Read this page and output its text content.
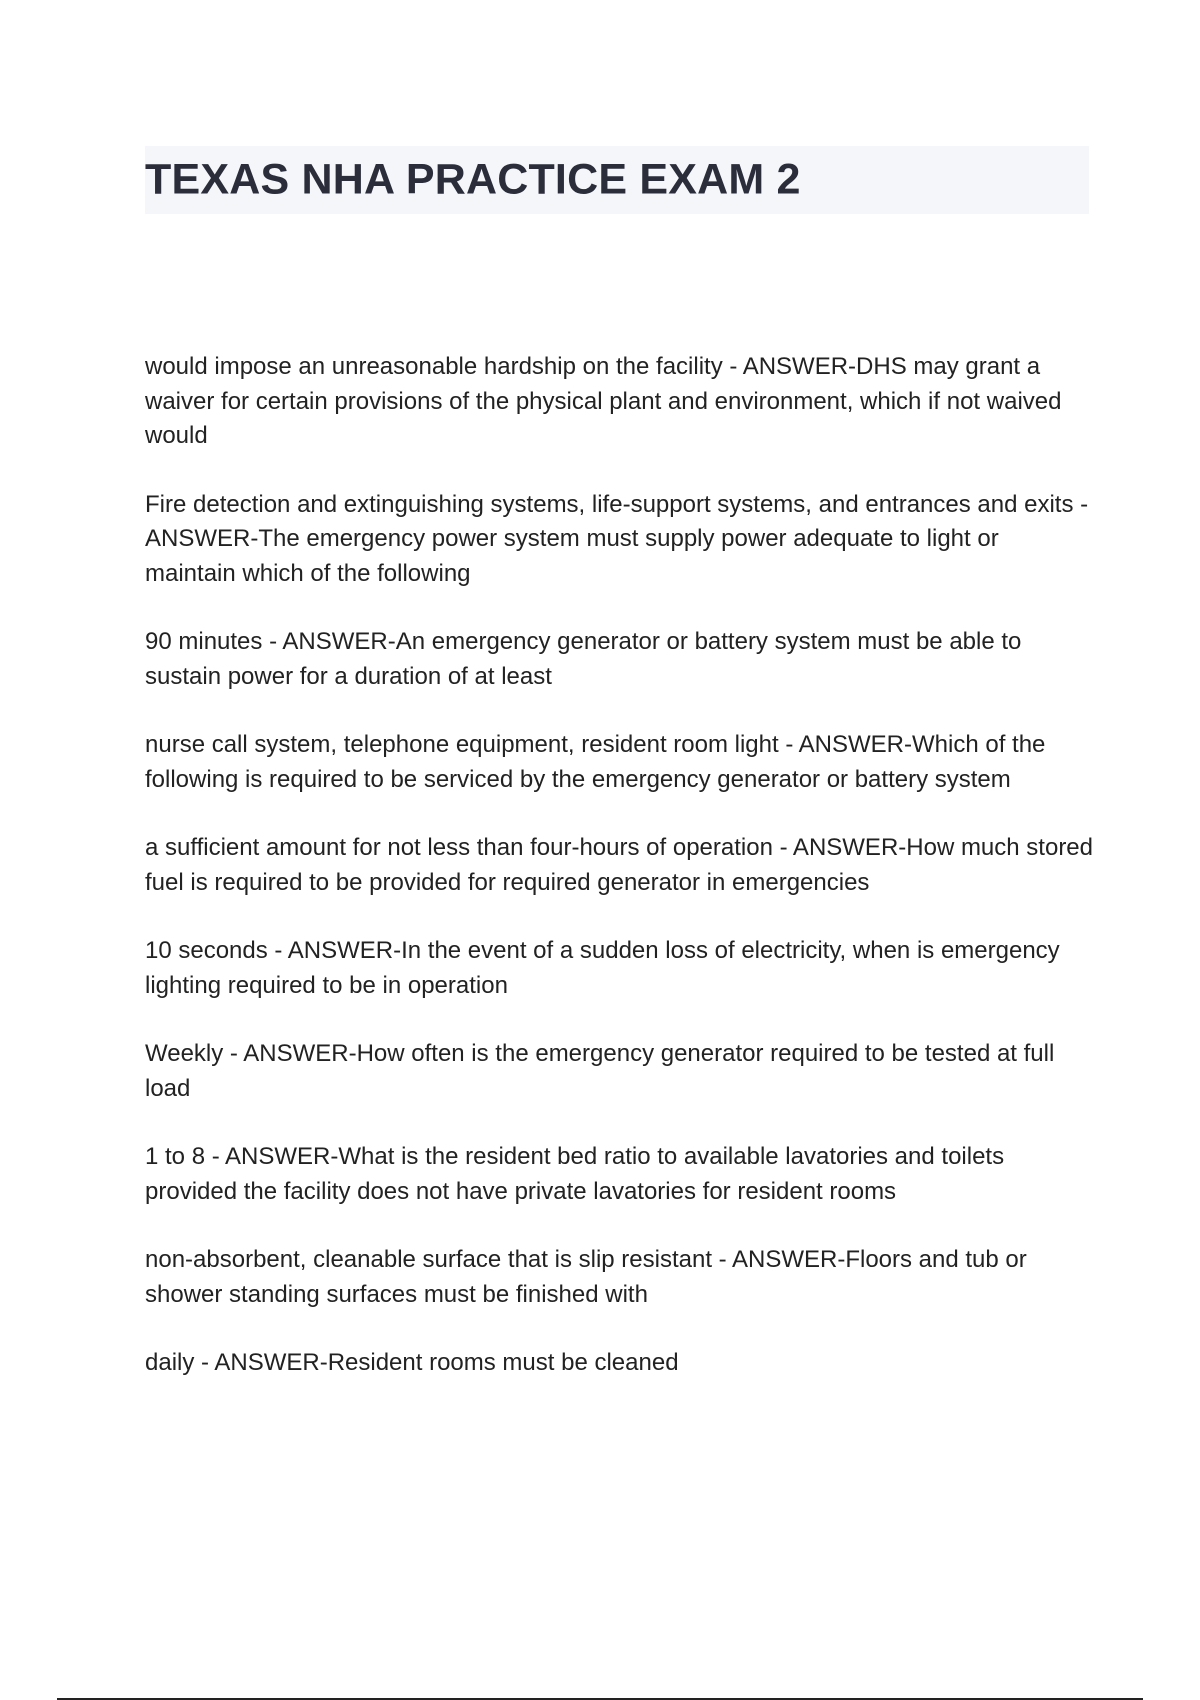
TEXAS NHA PRACTICE EXAM 2
would impose an unreasonable hardship on the facility - ANSWER-DHS may grant a waiver for certain provisions of the physical plant and environment, which if not waived would
Fire detection and extinguishing systems, life-support systems, and entrances and exits - ANSWER-The emergency power system must supply power adequate to light or maintain which of the following
90 minutes - ANSWER-An emergency generator or battery system must be able to sustain power for a duration of at least
nurse call system, telephone equipment, resident room light - ANSWER-Which of the following is required to be serviced by the emergency generator or battery system
a sufficient amount for not less than four-hours of operation - ANSWER-How much stored fuel is required to be provided for required generator in emergencies
10 seconds - ANSWER-In the event of a sudden loss of electricity, when is emergency lighting required to be in operation
Weekly - ANSWER-How often is the emergency generator required to be tested at full load
1 to 8 - ANSWER-What is the resident bed ratio to available lavatories and toilets provided the facility does not have private lavatories for resident rooms
non-absorbent, cleanable surface that is slip resistant - ANSWER-Floors and tub or shower standing surfaces must be finished with
daily - ANSWER-Resident rooms must be cleaned
